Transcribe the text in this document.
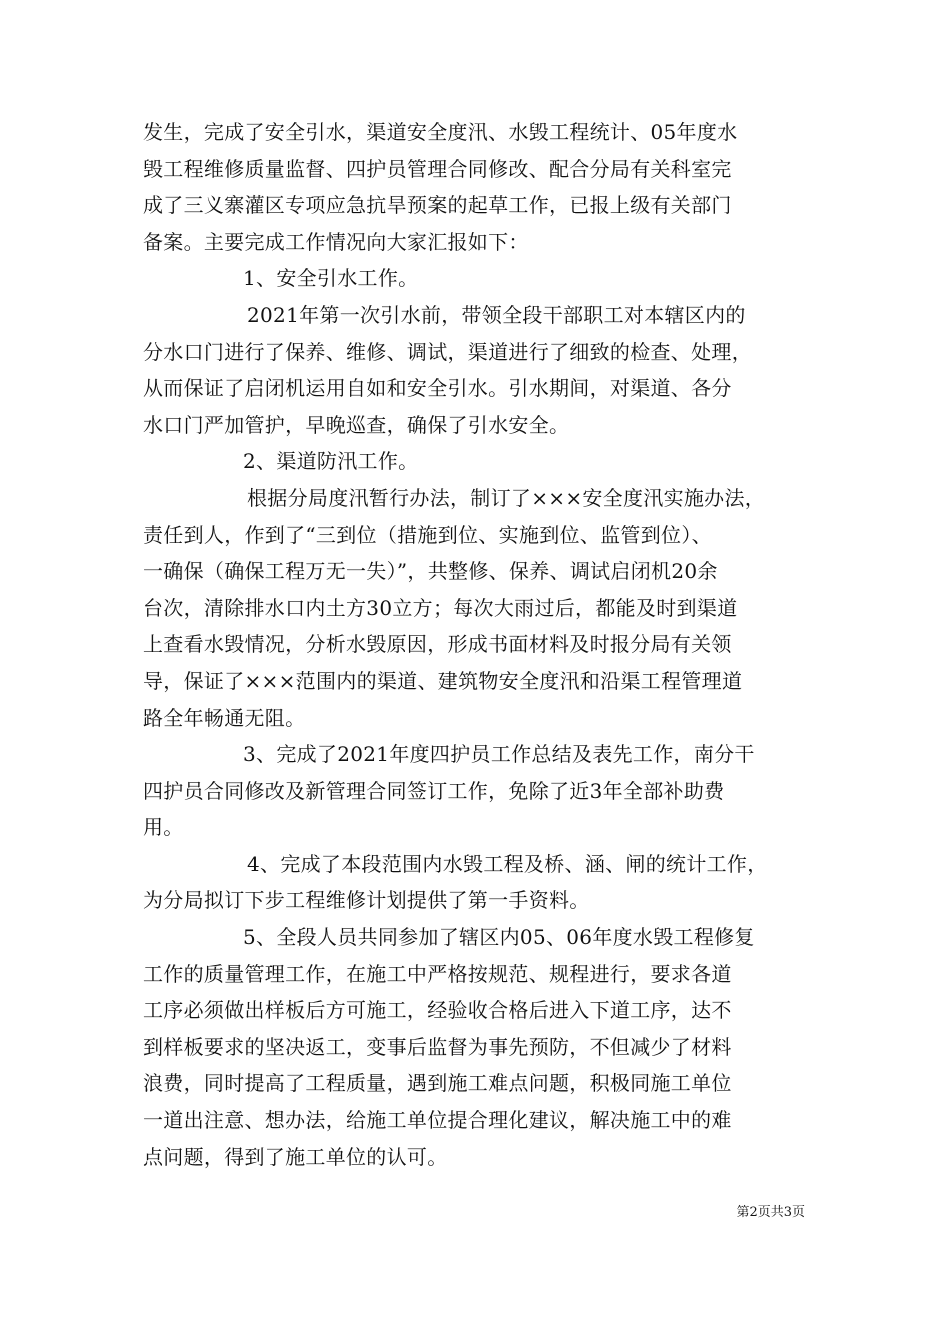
发生，完成了安全引水，渠道安全度汛、水毁工程统计、05年度水
毁工程维修质量监督、四护员管理合同修改、配合分局有关科室完
成了三义寨灌区专项应急抗旱预案的起草工作，已报上级有关部门
备案。主要完成工作情况向大家汇报如下：
1、安全引水工作。
2021年第一次引水前，带领全段干部职工对本辖区内的
分水口门进行了保养、维修、调试，渠道进行了细致的检查、处理，
从而保证了启闭机运用自如和安全引水。引水期间，对渠道、各分
水口门严加管护，早晚巡查，确保了引水安全。
2、渠道防汛工作。
根据分局度汛暂行办法，制订了×××安全度汛实施办法，
责任到人，作到了“三到位（措施到位、实施到位、监管到位）、
一确保（确保工程万无一失）”，共整修、保养、调试启闭机20余
台次，清除排水口内土方30立方；每次大雨过后，都能及时到渠道
上查看水毁情况，分析水毁原因，形成书面材料及时报分局有关领
导，保证了×××范围内的渠道、建筑物安全度汛和沿渠工程管理道
路全年畅通无阻。
3、完成了2021年度四护员工作总结及表先工作，南分干
四护员合同修改及新管理合同签订工作，免除了近3年全部补助费
用。
4、完成了本段范围内水毁工程及桥、涵、闸的统计工作，
为分局拟订下步工程维修计划提供了第一手资料。
5、全段人员共同参加了辖区内05、06年度水毁工程修复
工作的质量管理工作，在施工中严格按规范、规程进行，要求各道
工序必须做出样板后方可施工，经验收合格后进入下道工序，达不
到样板要求的坚决返工，变事后监督为事先预防，不但减少了材料
浪费，同时提高了工程质量，遇到施工难点问题，积极同施工单位
一道出注意、想办法，给施工单位提合理化建议，解决施工中的难
点问题，得到了施工单位的认可。
第2页共3页
